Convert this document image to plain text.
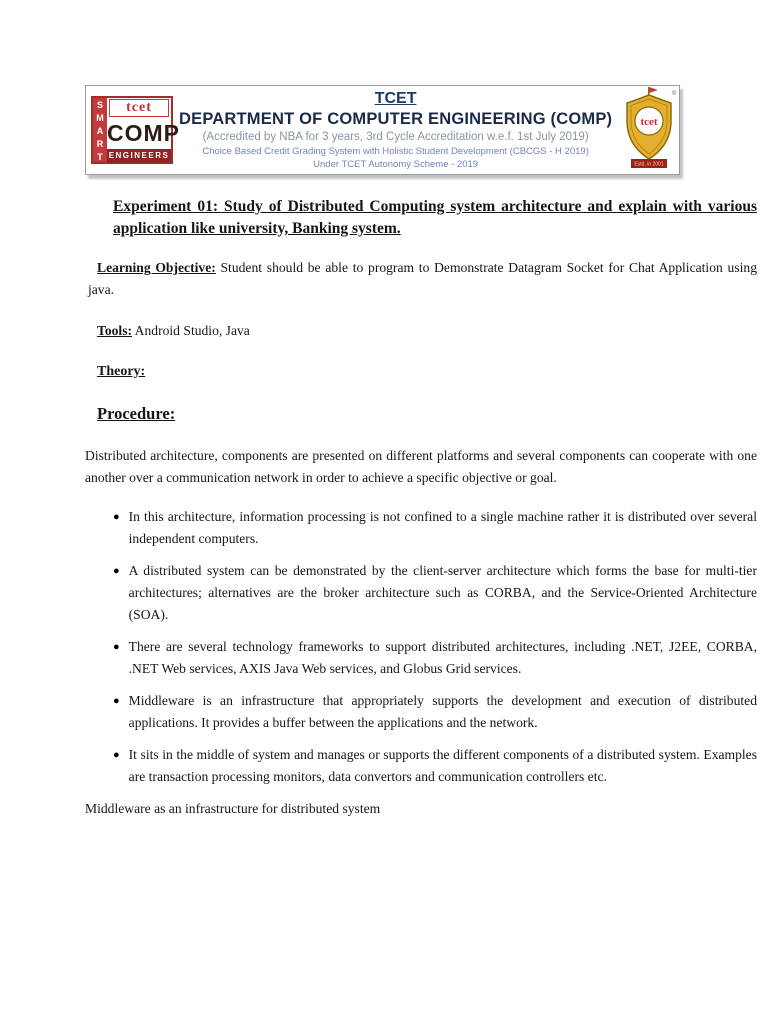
SMART	tcet
COMP
ENGINEERS
TCET
DEPARTMENT OF COMPUTER ENGINEERING (COMP)
(Accredited by NBA for 3 years, 3rd Cycle Accreditation w.e.f. 1st July 2019)
Choice Based Credit Grading System with Holistic Student Development (CBCGS - H 2019)
Under TCET Autonomy Scheme - 2019
®
tcet
Estd. in 2001
Experiment 01: Study of Distributed Computing system architecture and explain with various application like university, Banking system.

Learning Objective: Student should be able to program to Demonstrate Datagram Socket for Chat Application using java.

Tools: Android Studio, Java

Theory:

Procedure:

Distributed architecture, components are presented on different platforms and several components can cooperate with one another over a communication network in order to achieve a specific objective or goal.

● In this architecture, information processing is not confined to a single machine rather it is distributed over several independent computers.
● A distributed system can be demonstrated by the client-server architecture which forms the base for multi-tier architectures; alternatives are the broker architecture such as CORBA, and the Service-Oriented Architecture (SOA).
● There are several technology frameworks to support distributed architectures, including .NET, J2EE, CORBA, .NET Web services, AXIS Java Web services, and Globus Grid services.
● Middleware is an infrastructure that appropriately supports the development and execution of distributed applications. It provides a buffer between the applications and the network.
● It sits in the middle of system and manages or supports the different components of a distributed system. Examples are transaction processing monitors, data convertors and communication controllers etc.

Middleware as an infrastructure for distributed system
